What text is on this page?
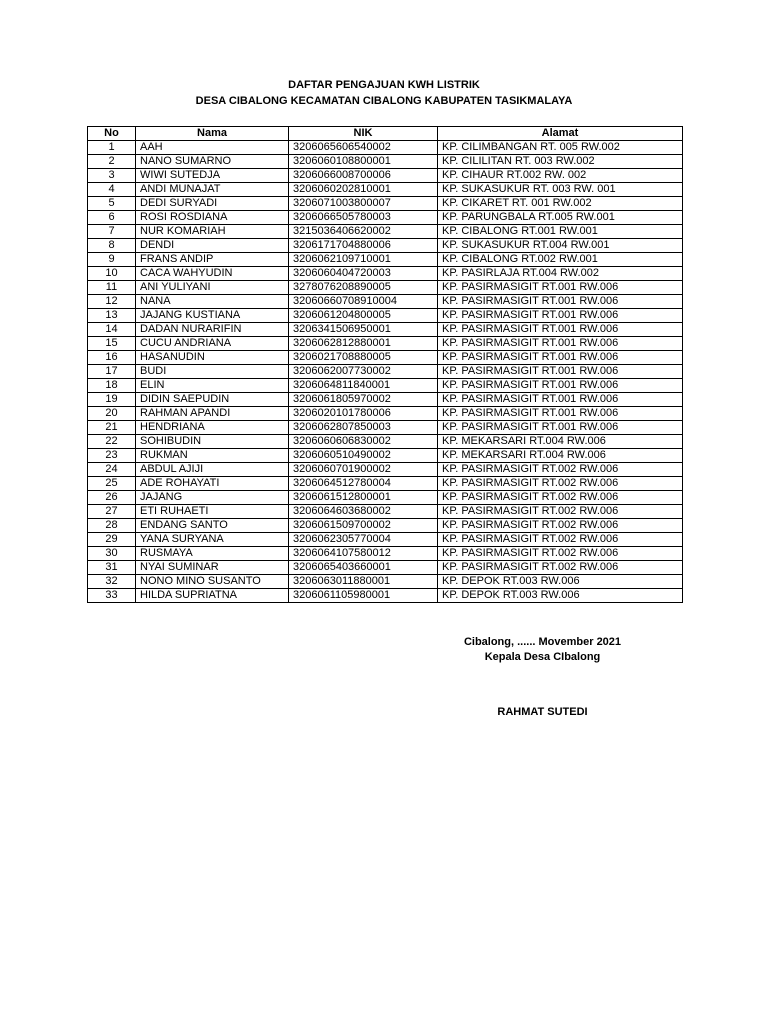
DAFTAR PENGAJUAN KWH LISTRIK
DESA CIBALONG KECAMATAN CIBALONG KABUPATEN TASIKMALAYA
No	Nama	NIK	Alamat
1	AAH	3206065606540002	KP. CILIMBANGAN RT. 005 RW.002
2	NANO SUMARNO	3206060108800001	KP. CILILITAN RT. 003 RW.002
3	WIWI SUTEDJA	3206066008700006	KP. CIHAUR RT.002 RW. 002
4	ANDI MUNAJAT	3206060202810001	KP. SUKASUKUR RT. 003 RW. 001
5	DEDI SURYADI	3206071003800007	KP. CIKARET RT. 001 RW.002
6	ROSI ROSDIANA	3206066505780003	KP. PARUNGBALA RT.005 RW.001
7	NUR KOMARIAH	3215036406620002	KP. CIBALONG RT.001 RW.001
8	DENDI	3206171704880006	KP. SUKASUKUR RT.004 RW.001
9	FRANS ANDIP	3206062109710001	KP. CIBALONG RT.002 RW.001
10	CACA WAHYUDIN	3206060404720003	KP. PASIRLAJA RT.004 RW.002
11	ANI YULIYANI	3278076208890005	KP. PASIRMASIGIT RT.001 RW.006
12	NANA	32060660708910004	KP. PASIRMASIGIT RT.001 RW.006
13	JAJANG KUSTIANA	3206061204800005	KP. PASIRMASIGIT RT.001 RW.006
14	DADAN NURARIFIN	3206341506950001	KP. PASIRMASIGIT RT.001 RW.006
15	CUCU ANDRIANA	3206062812880001	KP. PASIRMASIGIT RT.001 RW.006
16	HASANUDIN	3206021708880005	KP. PASIRMASIGIT RT.001 RW.006
17	BUDI	3206062007730002	KP. PASIRMASIGIT RT.001 RW.006
18	ELIN	3206064811840001	KP. PASIRMASIGIT RT.001 RW.006
19	DIDIN SAEPUDIN	3206061805970002	KP. PASIRMASIGIT RT.001 RW.006
20	RAHMAN APANDI	3206020101780006	KP. PASIRMASIGIT RT.001 RW.006
21	HENDRIANA	3206062807850003	KP. PASIRMASIGIT RT.001 RW.006
22	SOHIBUDIN	3206060606830002	KP. MEKARSARI RT.004 RW.006
23	RUKMAN	3206060510490002	KP. MEKARSARI RT.004 RW.006
24	ABDUL AJIJI	3206060701900002	KP. PASIRMASIGIT RT.002 RW.006
25	ADE ROHAYATI	3206064512780004	KP. PASIRMASIGIT RT.002 RW.006
26	JAJANG	3206061512800001	KP. PASIRMASIGIT RT.002 RW.006
27	ETI RUHAETI	3206064603680002	KP. PASIRMASIGIT RT.002 RW.006
28	ENDANG SANTO	3206061509700002	KP. PASIRMASIGIT RT.002 RW.006
29	YANA SURYANA	3206062305770004	KP. PASIRMASIGIT RT.002 RW.006
30	RUSMAYA	3206064107580012	KP. PASIRMASIGIT RT.002 RW.006
31	NYAI SUMINAR	3206065403660001	KP. PASIRMASIGIT RT.002 RW.006
32	NONO MINO SUSANTO	3206063011880001	KP. DEPOK RT.003 RW.006
33	HILDA SUPRIATNA	3206061105980001	KP. DEPOK RT.003 RW.006
Cibalong, ...... Movember 2021
Kepala Desa CIbalong
RAHMAT SUTEDI
